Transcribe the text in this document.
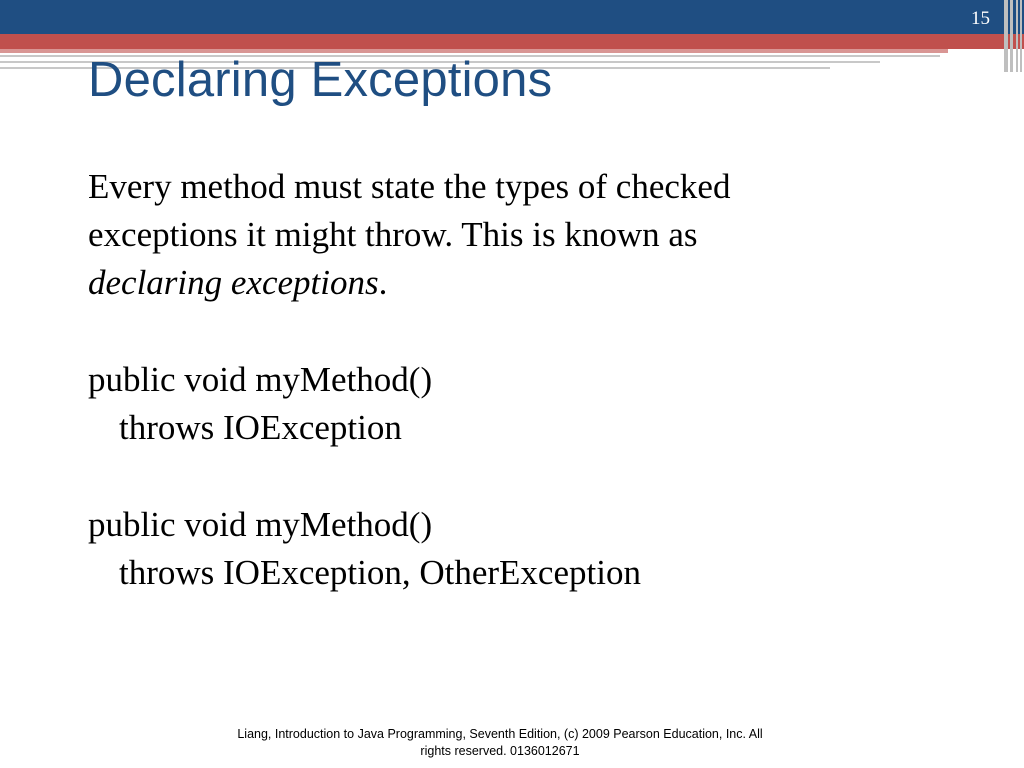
15
Declaring Exceptions

Every method must state the types of checked

exceptions it might throw. This is known as

declaring exceptions.

public void myMethod()

throws IOException

public void myMethod()

throws IOException, OtherException

Liang, Introduction to Java Programming, Seventh Edition, (c) 2009 Pearson Education, Inc. All
rights reserved. 0136012671
